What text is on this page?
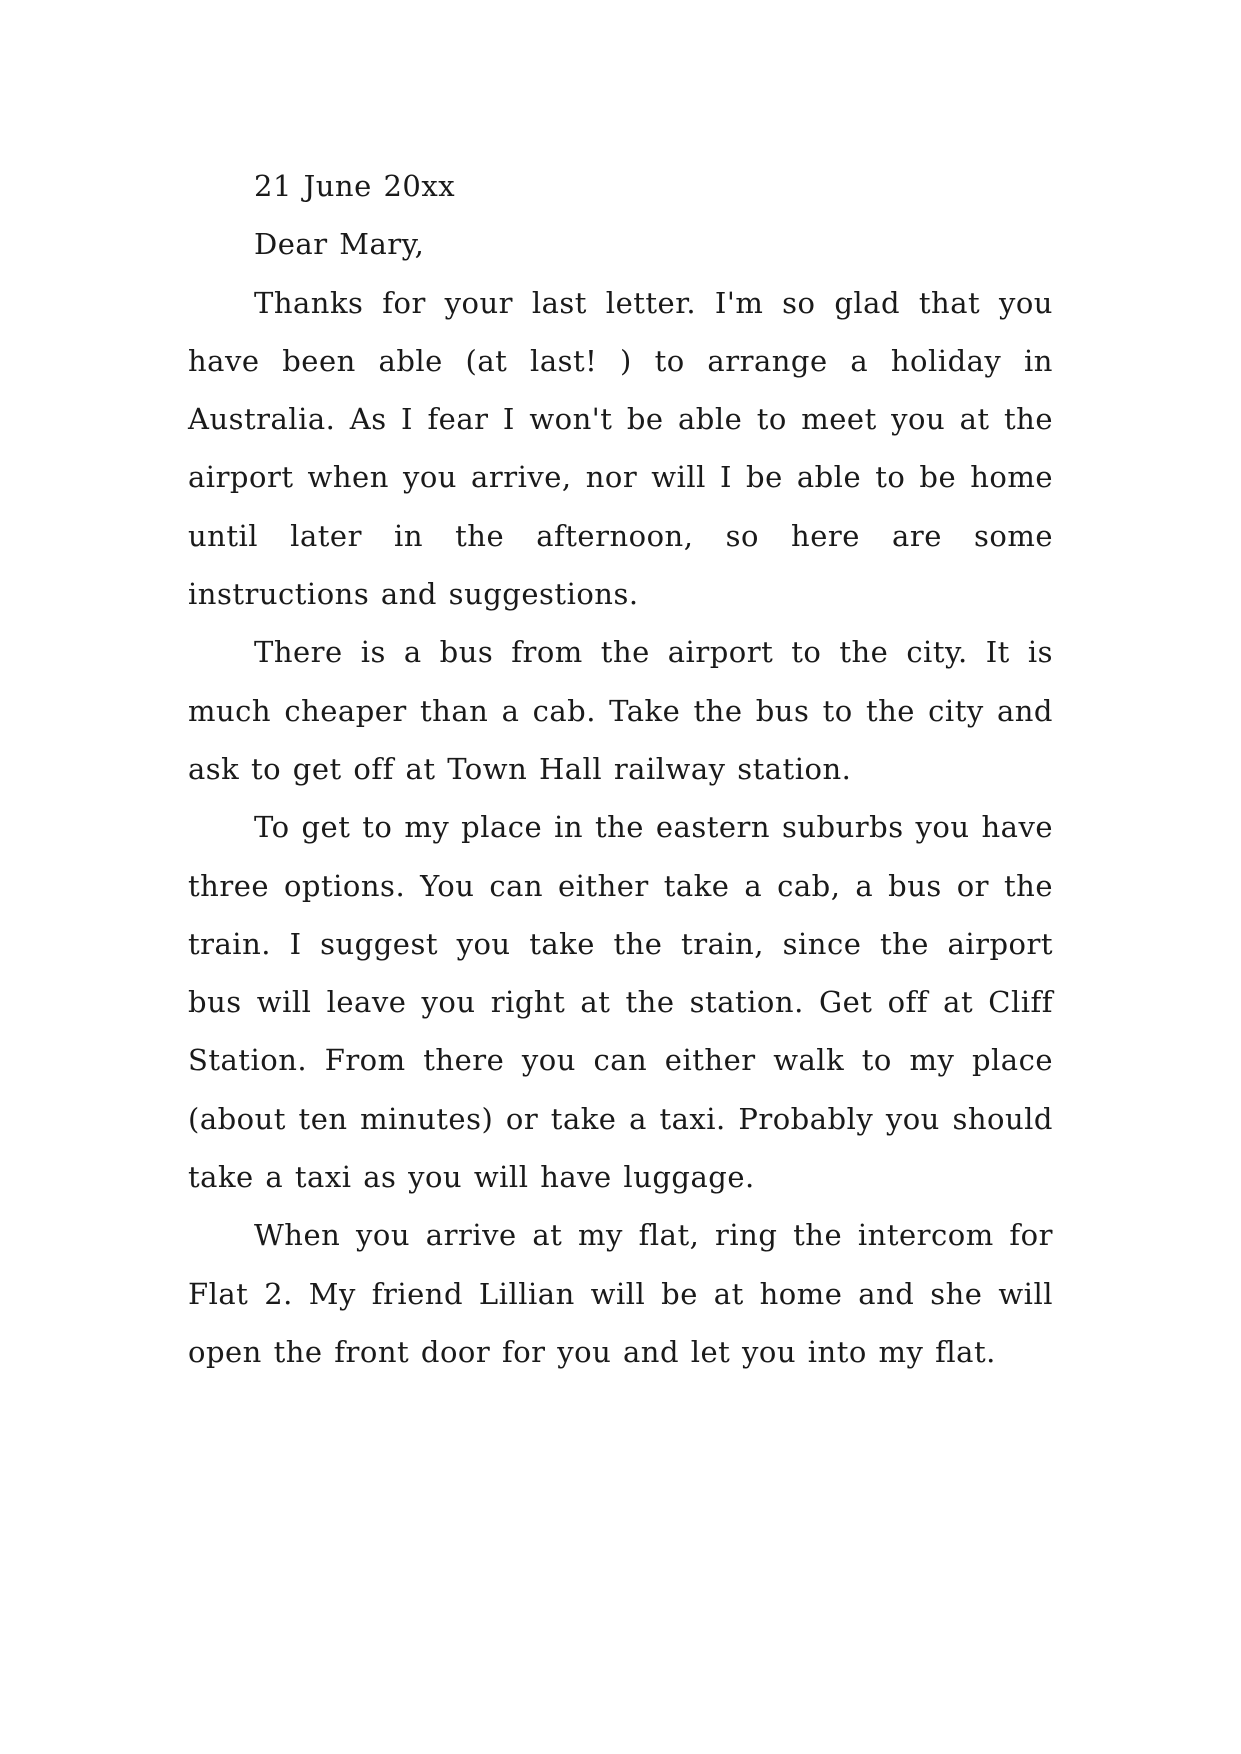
21 June 20xx

Dear Mary,

Thanks for your last letter. I'm so glad that you have been able (at last! ) to arrange a holiday in Australia. As I fear I won't be able to meet you at the airport when you arrive, nor will I be able to be home until later in the afternoon, so here are some instructions and suggestions.

There is a bus from the airport to the city. It is much cheaper than a cab. Take the bus to the city and ask to get off at Town Hall railway station.

To get to my place in the eastern suburbs you have three options. You can either take a cab, a bus or the train. I suggest you take the train, since the airport bus will leave you right at the station. Get off at Cliff Station. From there you can either walk to my place (about ten minutes) or take a taxi. Probably you should take a taxi as you will have luggage.

When you arrive at my flat, ring the intercom for Flat 2. My friend Lillian will be at home and she will open the front door for you and let you into my flat.
